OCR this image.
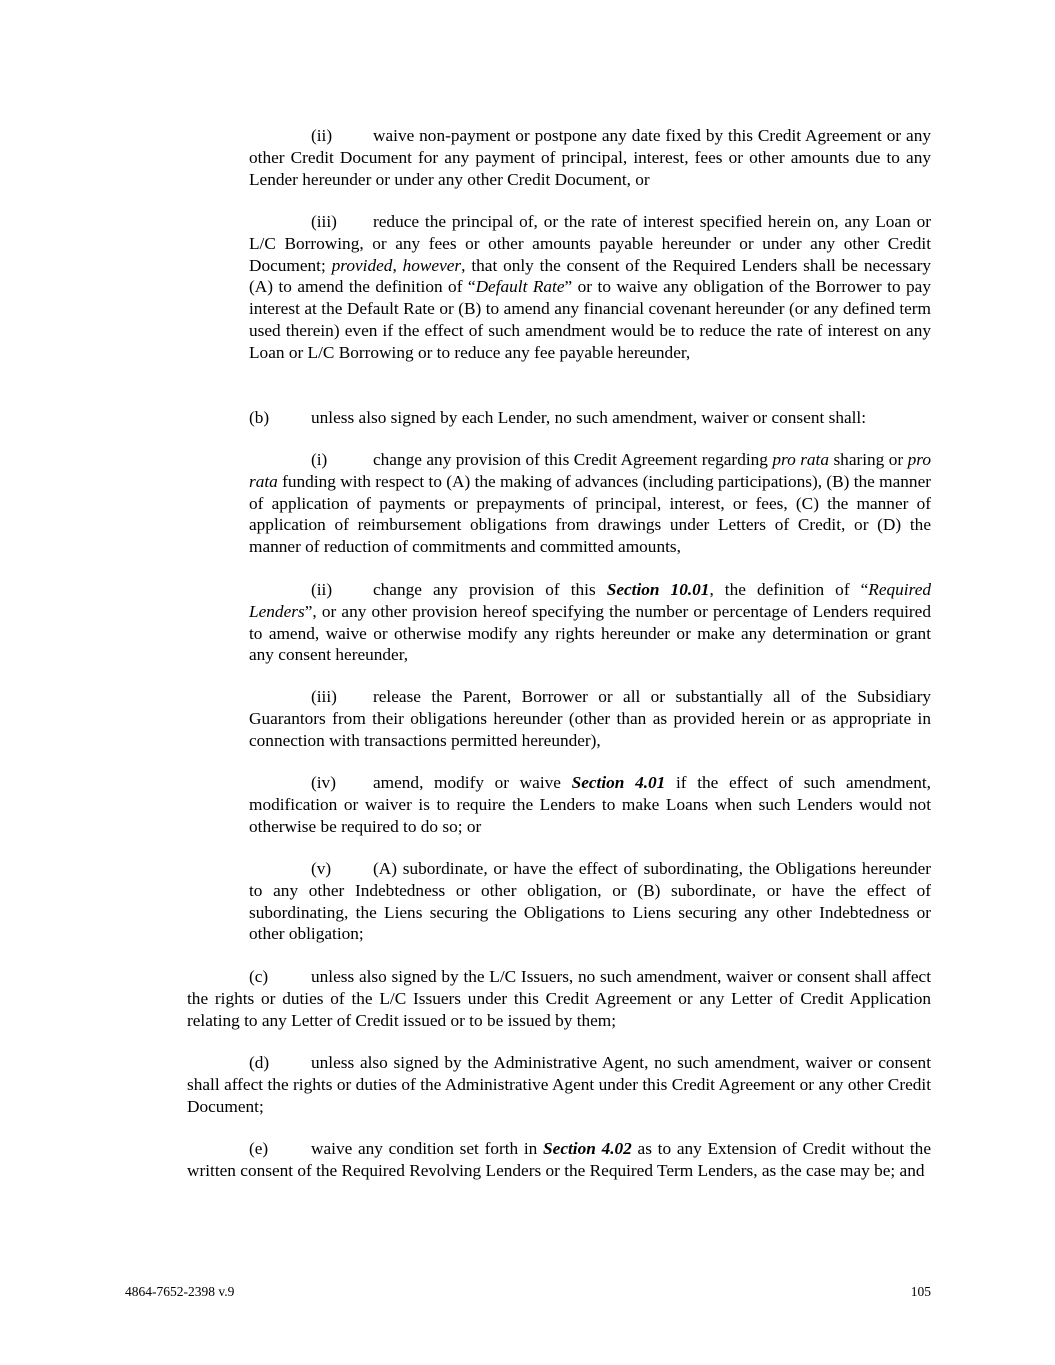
(ii) waive non-payment or postpone any date fixed by this Credit Agreement or any other Credit Document for any payment of principal, interest, fees or other amounts due to any Lender hereunder or under any other Credit Document, or

(iii) reduce the principal of, or the rate of interest specified herein on, any Loan or L/C Borrowing, or any fees or other amounts payable hereunder or under any other Credit Document; provided, however, that only the consent of the Required Lenders shall be necessary (A) to amend the definition of “Default Rate” or to waive any obligation of the Borrower to pay interest at the Default Rate or (B) to amend any financial covenant hereunder (or any defined term used therein) even if the effect of such amendment would be to reduce the rate of interest on any Loan or L/C Borrowing or to reduce any fee payable hereunder,

(b) unless also signed by each Lender, no such amendment, waiver or consent shall:

(i)	change any provision of this Credit Agreement regarding pro rata sharing or pro rata funding with respect to (A) the making of advances (including participations), (B) the manner of application of payments or prepayments of principal, interest, or fees, (C) the manner of application of reimbursement obligations from drawings under Letters of Credit, or (D) the manner of reduction of commitments and committed amounts,

(ii) change any provision of this Section 10.01, the definition of “Required Lenders”, or any other provision hereof specifying the number or percentage of Lenders required to amend, waive or otherwise modify any rights hereunder or make any determination or grant any consent hereunder,

(iii) release the Parent, Borrower or all or substantially all of the Subsidiary Guarantors from their obligations hereunder (other than as provided herein or as appropriate in connection with transactions permitted hereunder),

(iv) amend, modify or waive Section 4.01 if the effect of such amendment, modification or waiver is to require the Lenders to make Loans when such Lenders would not otherwise be required to do so; or

(v) (A) subordinate, or have the effect of subordinating, the Obligations hereunder to any other Indebtedness or other obligation, or (B) subordinate, or have the effect of subordinating, the Liens securing the Obligations to Liens securing any other Indebtedness or other obligation;

(c) unless also signed by the L/C Issuers, no such amendment, waiver or consent shall affect the rights or duties of the L/C Issuers under this Credit Agreement or any Letter of Credit Application relating to any Letter of Credit issued or to be issued by them;

(d) unless also signed by the Administrative Agent, no such amendment, waiver or consent shall affect the rights or duties of the Administrative Agent under this Credit Agreement or any other Credit Document;

(e) waive any condition set forth in Section 4.02 as to any Extension of Credit without the written consent of the Required Revolving Lenders or the Required Term Lenders, as the case may be; and

4864-7652-2398 v.9	105
